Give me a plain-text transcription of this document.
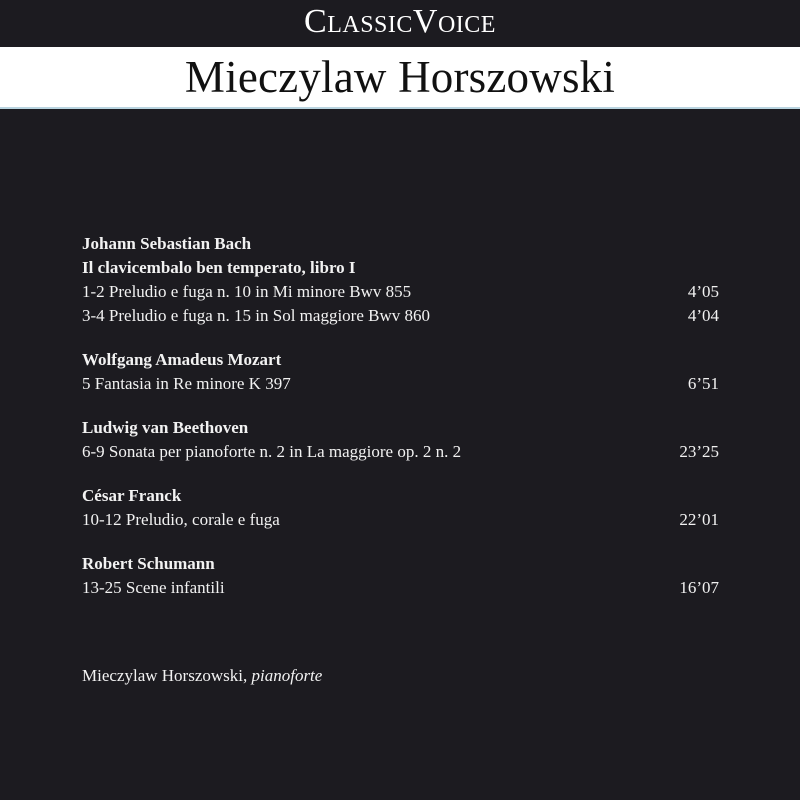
ClassicVoice
Mieczylaw Horszowski
Johann Sebastian Bach
Il clavicembalo ben temperato, libro I
1-2 Preludio e fuga n. 10 in Mi minore Bwv 855	4’05
3-4 Preludio e fuga n. 15 in Sol maggiore Bwv 860	4’04
Wolfgang Amadeus Mozart
5 Fantasia in Re minore K 397	6’51
Ludwig van Beethoven
6-9 Sonata per pianoforte n. 2 in La maggiore op. 2 n. 2	23’25
César Franck
10-12 Preludio, corale e fuga	22’01
Robert Schumann
13-25 Scene infantili	16’07
Mieczylaw Horszowski, pianoforte
